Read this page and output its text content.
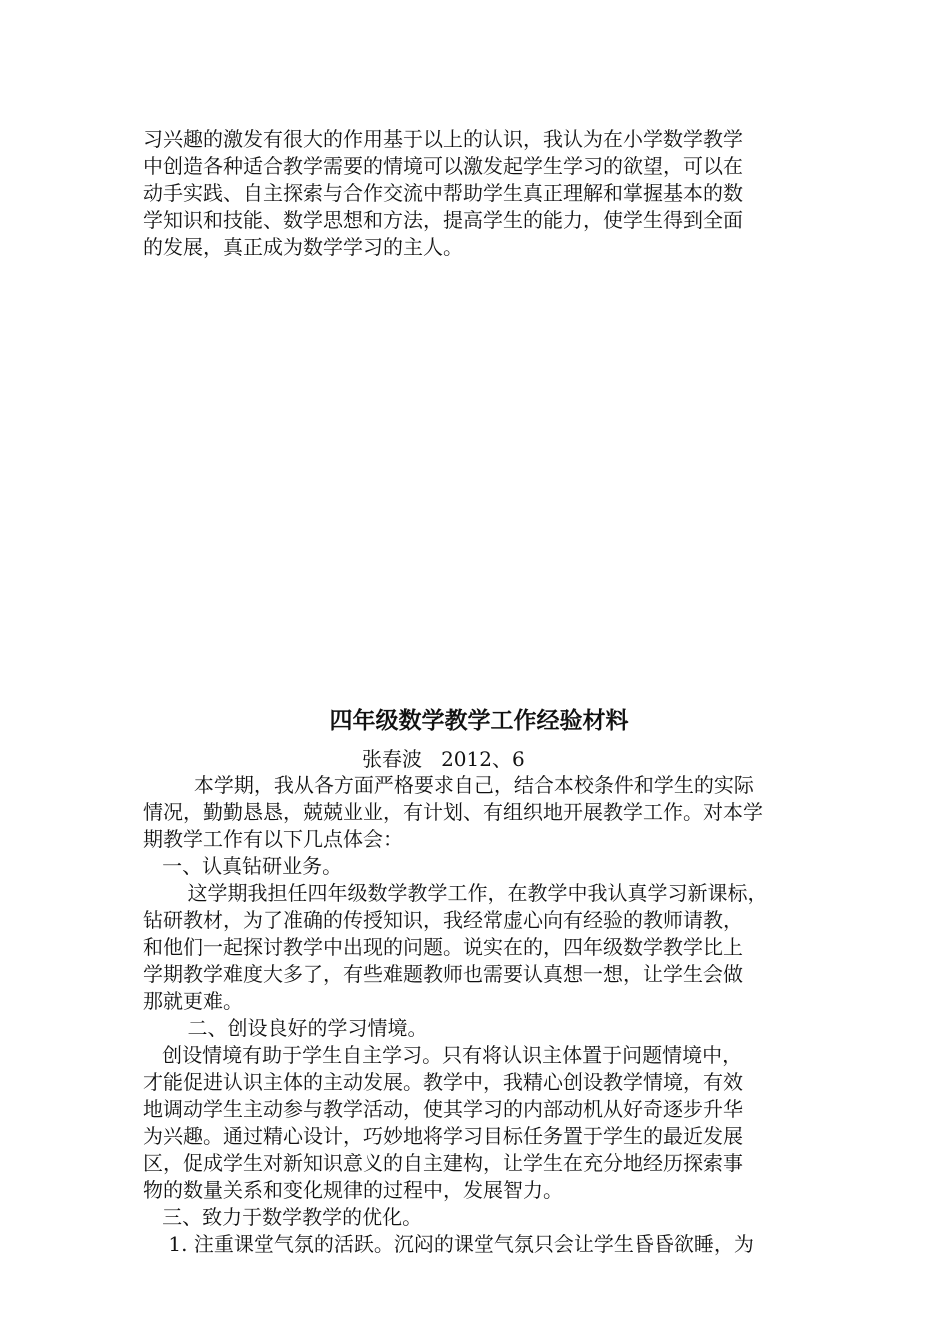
习兴趣的激发有很大的作用基于以上的认识，我认为在小学数学教学
中创造各种适合教学需要的情境可以激发起学生学习的欲望，可以在
动手实践、自主探索与合作交流中帮助学生真正理解和掌握基本的数
学知识和技能、数学思想和方法，提高学生的能力，使学生得到全面
的发展，真正成为数学学习的主人。
四年级数学教学工作经验材料
张春波   2012、6
本学期，我从各方面严格要求自己，结合本校条件和学生的实际
情况，勤勤恳恳，兢兢业业，有计划、有组织地开展教学工作。对本学
期教学工作有以下几点体会：
一、认真钻研业务。
这学期我担任四年级数学教学工作，在教学中我认真学习新课标，
钻研教材，为了准确的传授知识，我经常虚心向有经验的教师请教，
和他们一起探讨教学中出现的问题。说实在的，四年级数学教学比上
学期教学难度大多了，有些难题教师也需要认真想一想，让学生会做
那就更难。
二、创设良好的学习情境。
创设情境有助于学生自主学习。只有将认识主体置于问题情境中，
才能促进认识主体的主动发展。教学中，我精心创设教学情境，有效
地调动学生主动参与教学活动，使其学习的内部动机从好奇逐步升华
为兴趣。通过精心设计，巧妙地将学习目标任务置于学生的最近发展
区，促成学生对新知识意义的自主建构，让学生在充分地经历探索事
物的数量关系和变化规律的过程中，发展智力。
三、致力于数学教学的优化。
1. 注重课堂气氛的活跃。沉闷的课堂气氛只会让学生昏昏欲睡，为
